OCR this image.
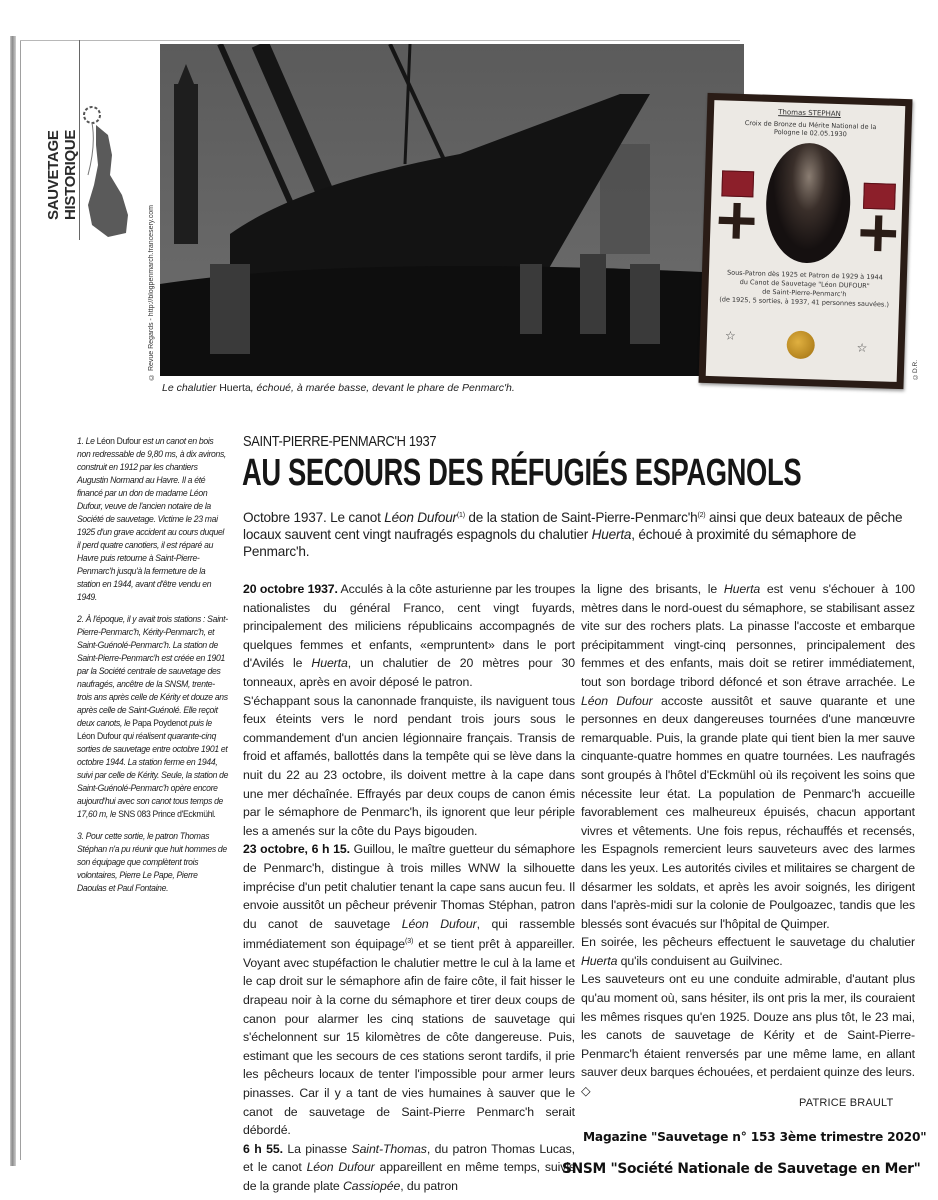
SAUVETAGE HISTORIQUE
© Revue Regards - http://blogpenmarch.francesery.com
Le chalutier Huerta, échoué, à marée basse, devant le phare de Penmarc'h.
Thomas STEPHAN
Croix de Bronze du Mérite National de la Pologne le 02.05.1930
Sous-Patron dès 1925 et Patron de 1929 à 1944
du Canot de Sauvetage "Léon DUFOUR"
de Saint-Pierre-Penmarc'h
(de 1925, 5 sorties, à 1937, 41 personnes sauvées.)
☆
☆
©D.R.

1. Le Léon Dufour est un canot en bois non redressable de 9,80 ms, à dix avirons, construit en 1912 par les chantiers Augustin Normand au Havre. Il a été financé par un don de madame Léon Dufour, veuve de l'ancien notaire de la Société de sauvetage. Victime le 23 mai 1925 d'un grave accident au cours duquel il perd quatre canotiers, il est réparé au Havre puis retourne à Saint-Pierre-Penmarc'h jusqu'à la fermeture de la station en 1944, avant d'être vendu en 1949.

2. À l'époque, il y avait trois stations : Saint-Pierre-Penmarc'h, Kérity-Penmarc'h, et Saint-Guénolé-Penmarc'h. La station de Saint-Pierre-Penmarc'h est créée en 1901 par la Société centrale de sauvetage des naufragés, ancêtre de la SNSM, trente-trois ans après celle de Kérity et douze ans après celle de Saint-Guénolé. Elle reçoit deux canots, le Papa Poydenot puis le Léon Dufour qui réalisent quarante-cinq sorties de sauvetage entre octobre 1901 et octobre 1944. La station ferme en 1944, suivi par celle de Kérity. Seule, la station de Saint-Guénolé-Penmarc'h opère encore aujourd'hui avec son canot tous temps de 17,60 m, le SNS 083 Prince d'Eckmühl.

3. Pour cette sortie, le patron Thomas Stéphan n'a pu réunir que huit hommes de son équipage que complètent trois volontaires, Pierre Le Pape, Pierre Daoulas et Paul Fontaine.

SAINT-PIERRE-PENMARC'H 1937
AU SECOURS DES RÉFUGIÉS ESPAGNOLS
Octobre 1937. Le canot Léon Dufour$^{(1)}$ de la station de Saint-$Pierre-Penmarc'h^{(2)}$ ainsi que deux bateaux de pêche locaux sauvent cent vingt naufragés espagnols du chalutier Huerta, échoué à proximité du sémaphore de Penmarc'h.

20 octobre 1937. Acculés à la côte asturienne par les troupes nationalistes du général Franco, cent vingt fuyards, principalement des miliciens républicains accompagnés de quelques femmes et enfants, «empruntent» dans le port d'Avilés le Huerta, un chalutier de 20 mètres pour 30 tonneaux, après en avoir déposé le patron.

S'échappant sous la canonnade franquiste, ils naviguent tous feux éteints vers le nord pendant trois jours sous le commandement d'un ancien légionnaire français. Transis de froid et affamés, ballottés dans la tempête qui se lève dans la nuit du 22 au 23 octobre, ils doivent mettre à la cape dans une mer déchaînée. Effrayés par deux coups de canon émis par le sémaphore de Penmarc'h, ils ignorent que leur périple les a amenés sur la côte du Pays bigouden.

23 octobre, 6 h 15. Guillou, le maître guetteur du sémaphore de Penmarc'h, distingue à trois milles WNW la silhouette imprécise d'un petit chalutier tenant la cape sans aucun feu. Il envoie aussitôt un pêcheur prévenir Thomas Stéphan, patron du canot de sauvetage Léon Dufour, qui rassemble immédiatement son équipage$^{(3)}$ et se tient prêt à appareiller. Voyant avec stupéfaction le chalutier mettre le cul à la lame et le cap droit sur le sémaphore afin de faire côte, il fait hisser le drapeau noir à la corne du sémaphore et tirer deux coups de canon pour alarmer les cinq stations de sauvetage qui s'échelonnent sur 15 kilomètres de côte dangereuse. Puis, estimant que les secours de ces stations seront tardifs, il prie les pêcheurs locaux de tenter l'impossible pour armer leurs pinasses. Car il y a tant de vies humaines à sauver que le canot de sauvetage de Saint-Pierre Penmarc'h serait débordé.

6 h 55. La pinasse Saint-Thomas, du patron Thomas Lucas, et le canot Léon Dufour appareillent en même temps, suivis de la grande plate Cassiopée, du patron

la ligne des brisants, le Huerta est venu s'échouer à 100 mètres dans le nord-ouest du sémaphore, se stabilisant assez vite sur des rochers plats. La pinasse l'accoste et embarque précipitamment vingt-cinq personnes, principalement des femmes et des enfants, mais doit se retirer immédiatement, tout son bordage tribord défoncé et son étrave arrachée. Le Léon Dufour accoste aussitôt et sauve quarante et une personnes en deux dangereuses tournées d'une manœuvre remarquable. Puis, la grande plate qui tient bien la mer sauve cinquante-quatre hommes en quatre tournées. Les naufragés sont groupés à l'hôtel d'Eckmühl où ils reçoivent les soins que nécessite leur état. La population de Penmarc'h accueille favorablement ces malheureux épuisés, chacun apportant vivres et vêtements. Une fois repus, réchauffés et recensés, les Espagnols remercient leurs sauveteurs avec des larmes dans les yeux. Les autorités civiles et militaires se chargent de désarmer les soldats, et après les avoir soignés, les dirigent dans l'après-midi sur la colonie de Poulgoazec, tandis que les blessés sont évacués sur l'hôpital de Quimper.

En soirée, les pêcheurs effectuent le sauvetage du chalutier Huerta qu'ils conduisent au Guilvinec.

Les sauveteurs ont eu une conduite admirable, d'autant plus qu'au moment où, sans hésiter, ils ont pris la mer, ils couraient les mêmes risques qu'en 1925. Douze ans plus tôt, le 23 mai, les canots de sauvetage de Kérity et de Saint-Pierre-Penmarc'h étaient renversés par une même lame, en allant sauver deux barques échouées, et perdaient quinze des leurs. ◇

PATRICE BRAULT
Magazine "Sauvetage n° 153 3ème trimestre 2020"
SNSM "Société Nationale de Sauvetage en Mer"
